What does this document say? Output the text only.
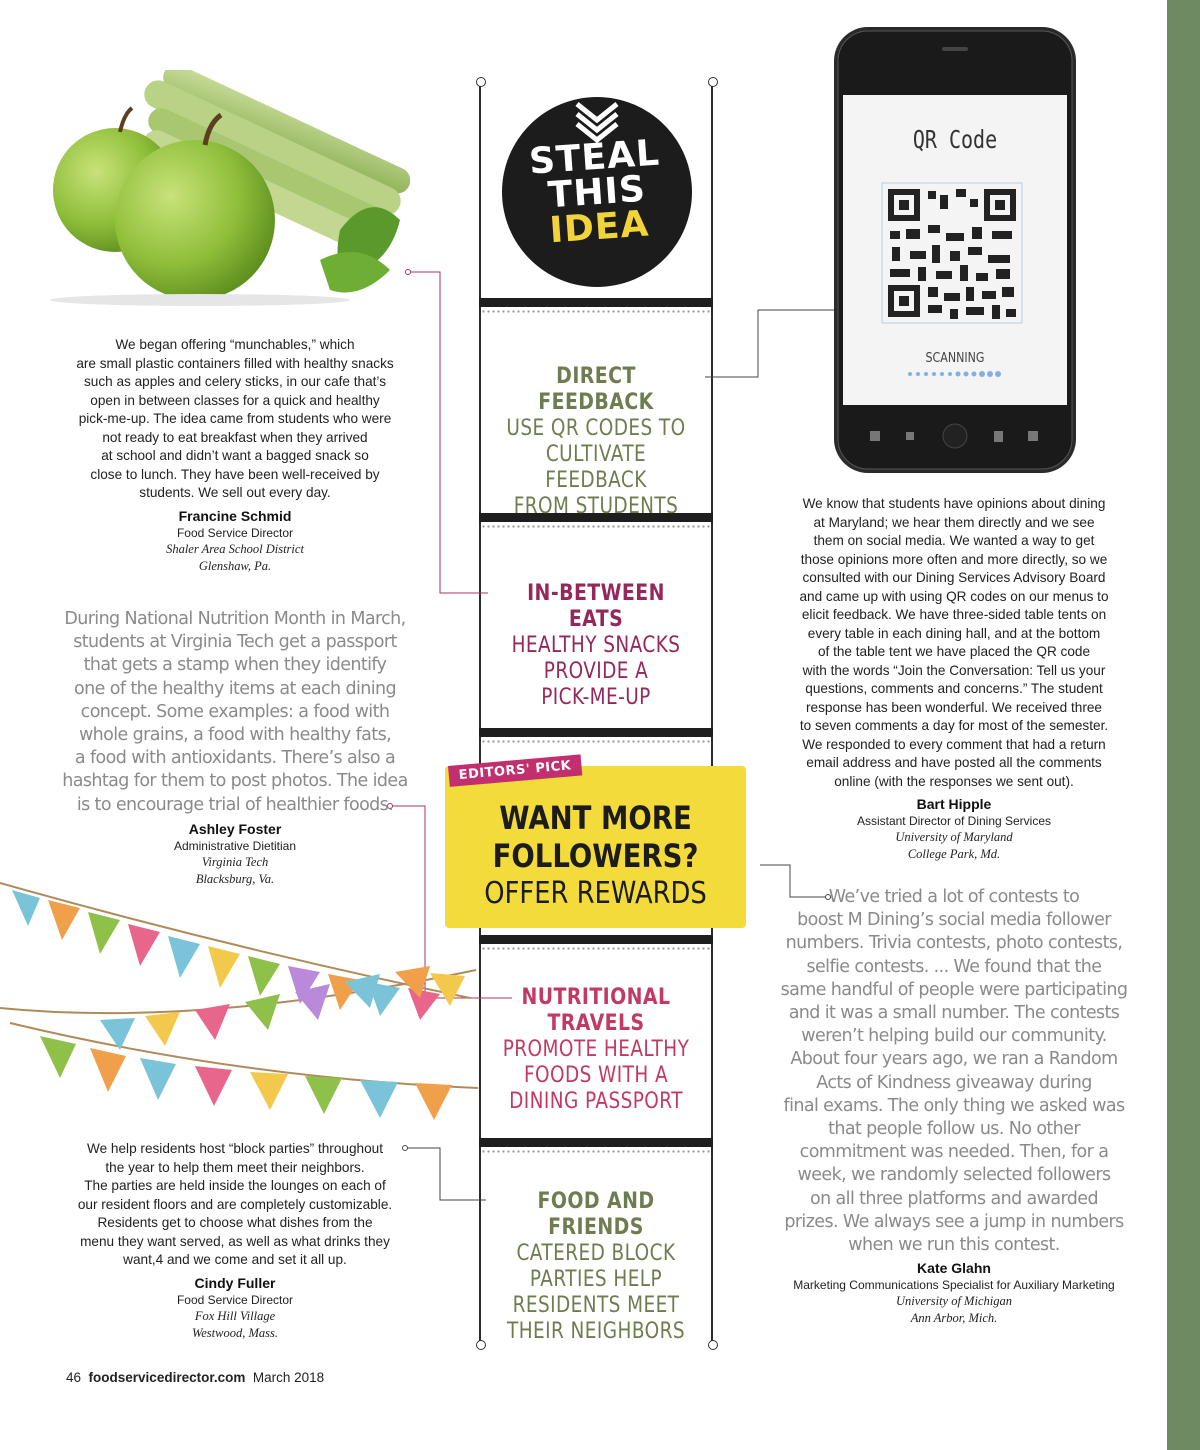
STEAL
THIS
IDEA
DIRECT FEEDBACK
USE QR CODES TO
CULTIVATE FEEDBACK
FROM STUDENTS
IN-BETWEEN EATS
HEALTHY SNACKS
PROVIDE A
PICK-ME-UP
EDITORS' PICK
WANT MORE
FOLLOWERS?
OFFER REWARDS
NUTRITIONAL
TRAVELS
PROMOTE HEALTHY
FOODS WITH A
DINING PASSPORT
FOOD AND FRIENDS
CATERED BLOCK
PARTIES HELP
RESIDENTS MEET
THEIR NEIGHBORS
QR Code
SCANNING
We began offering “munchables,” which
are small plastic containers filled with healthy snacks
such as apples and celery sticks, in our cafe that’s
open in between classes for a quick and healthy
pick-me-up. The idea came from students who were
not ready to eat breakfast when they arrived
at school and didn’t want a bagged snack so
close to lunch. They have been well-received by
students. We sell out every day.
Francine Schmid
Food Service Director
Shaler Area School District
Glenshaw, Pa.
During National Nutrition Month in March,
students at Virginia Tech get a passport
that gets a stamp when they identify
one of the healthy items at each dining
concept. Some examples: a food with
whole grains, a food with healthy fats,
a food with antioxidants. There’s also a
hashtag for them to post photos. The idea
is to encourage trial of healthier foods.
Ashley Foster
Administrative Dietitian
Virginia Tech
Blacksburg, Va.
We help residents host “block parties” throughout
the year to help them meet their neighbors.
The parties are held inside the lounges on each of
our resident floors and are completely customizable.
Residents get to choose what dishes from the
menu they want served, as well as what drinks they
want,4 and we come and set it all up.
Cindy Fuller
Food Service Director
Fox Hill Village
Westwood, Mass.
We know that students have opinions about dining
at Maryland; we hear them directly and we see
them on social media. We wanted a way to get
those opinions more often and more directly, so we
consulted with our Dining Services Advisory Board
and came up with using QR codes on our menus to
elicit feedback. We have three-sided table tents on
every table in each dining hall, and at the bottom
of the table tent we have placed the QR code
with the words “Join the Conversation: Tell us your
questions, comments and concerns.” The student
response has been wonderful. We received three
to seven comments a day for most of the semester.
We responded to every comment that had a return
email address and have posted all the comments
online (with the responses we sent out).
Bart Hipple
Assistant Director of Dining Services
University of Maryland
College Park, Md.
We’ve tried a lot of contests to
boost M Dining’s social media follower
numbers. Trivia contests, photo contests,
selfie contests. ... We found that the
same handful of people were participating
and it was a small number. The contests
weren’t helping build our community.
About four years ago, we ran a Random
Acts of Kindness giveaway during
final exams. The only thing we asked was
that people follow us. No other
commitment was needed. Then, for a
week, we randomly selected followers
on all three platforms and awarded
prizes. We always see a jump in numbers
when we run this contest.
Kate Glahn
Marketing Communications Specialist for Auxiliary Marketing
University of Michigan
Ann Arbor, Mich.
46 foodservicedirector.com March 2018
